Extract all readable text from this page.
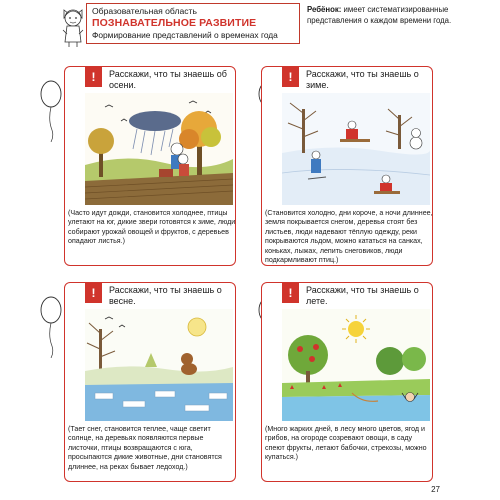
Образовательная область
ПОЗНАВАТЕЛЬНОЕ РАЗВИТИЕ
Формирование представлений о временах года
Ребёнок: имеет систематизированные представления о каждом времени года.
!	Расскажи, что ты знаешь об осени.
(Часто идут дожди, становится холоднее, птицы улетают на юг, дикие звери готовятся к зиме, люди собирают урожай овощей и фруктов, с деревьев опадают листья.)
!	Расскажи, что ты знаешь о зиме.
(Становится холодно, дни короче, а ночи длиннее, земля покрывается снегом, деревья стоят без листьев, люди надевают тёплую одежду, реки покрываются льдом, можно кататься на санках, коньках, лыжах, лепить снеговиков, люди подкармливают птиц.)
!	Расскажи, что ты знаешь о весне.
(Тает снег, становится теплее, чаще светит солнце, на деревьях появляются первые листочки, птицы возвращаются с юга, просыпаются дикие животные, дни становятся длиннее, на реках бывает ледоход.)
!	Расскажи, что ты знаешь о лете.
(Много жарких дней, в лесу много цветов, ягод и грибов, на огороде созревают овощи, в саду спеют фрукты, летают бабочки, стрекозы, можно купаться.)
27
